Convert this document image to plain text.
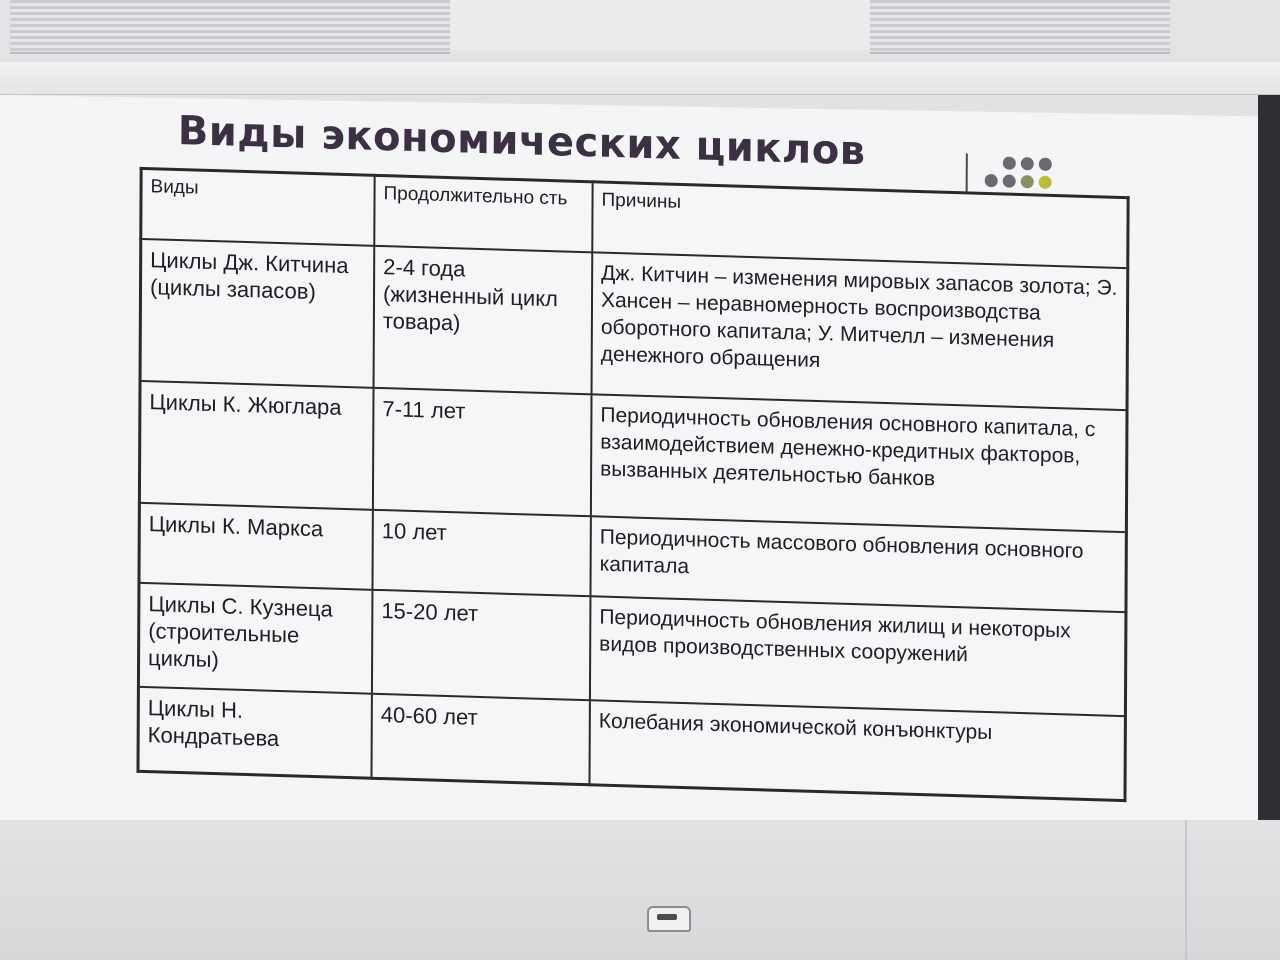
Виды экономических циклов
Виды	Продолжительно сть	Причины
Циклы Дж. Китчина (циклы запасов)	2-4 года (жизненный цикл товара)	Дж. Китчин – изменения мировых запасов золота; Э. Хансен – неравномерность воспроизводства оборотного капитала; У. Митчелл – изменения денежного обращения
Циклы К. Жюглара	7-11 лет	Периодичность обновления основного капитала, с взаимодействием денежно-кредитных факторов, вызванных деятельностью банков
Циклы К. Маркса	10 лет	Периодичность массового обновления основного капитала
Циклы С. Кузнеца (строительные циклы)	15-20 лет	Периодичность обновления жилищ и некоторых видов производственных сооружений
Циклы Н. Кондратьева	40-60 лет	Колебания экономической конъюнктуры
